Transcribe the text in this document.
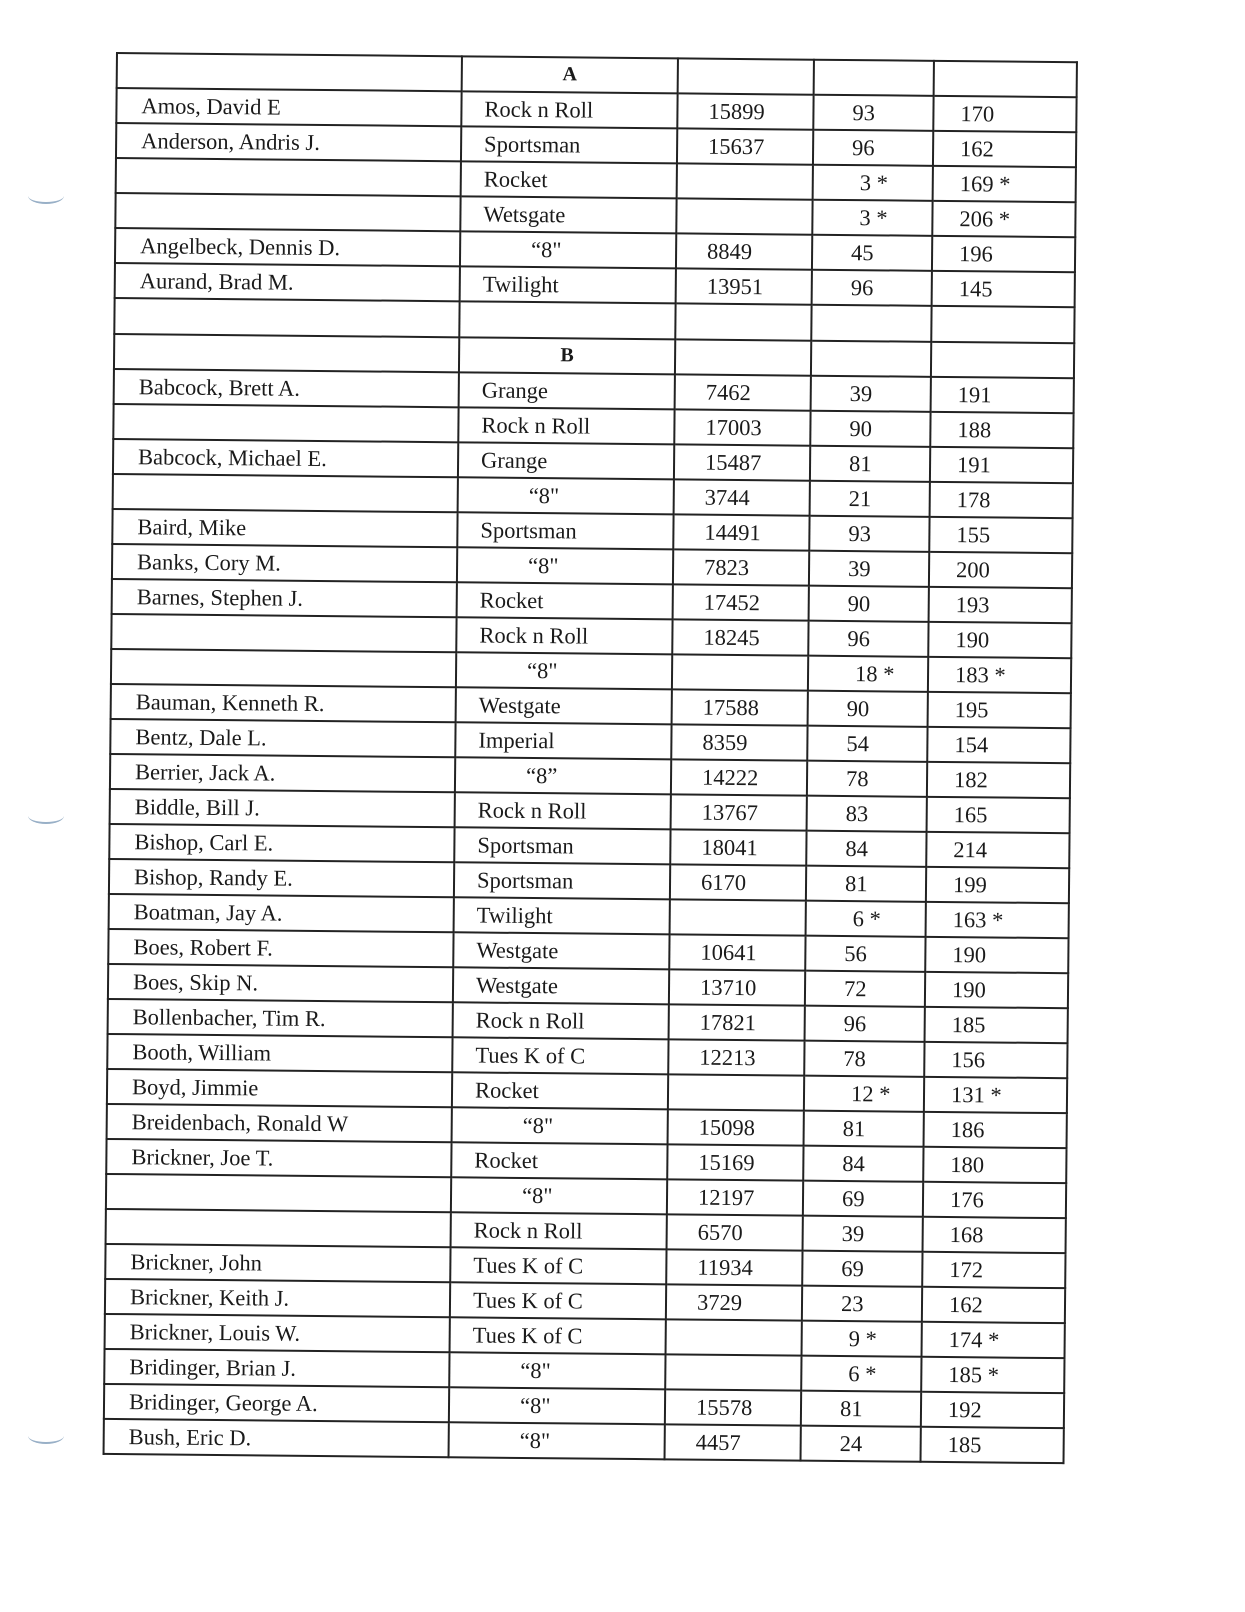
	A			
Amos, David E	Rock n Roll	15899	93	170
Anderson, Andris J.	Sportsman	15637	96	162
	Rocket		3 *	169 *
	Wetsgate		3 *	206 *
Angelbeck, Dennis D.	“8"	8849	45	196
Aurand, Brad M.	Twilight	13951	96	145

	B			
Babcock, Brett A.	Grange	7462	39	191
	Rock n Roll	17003	90	188
Babcock, Michael E.	Grange	15487	81	191
	“8"	3744	21	178
Baird, Mike	Sportsman	14491	93	155
Banks, Cory M.	“8"	7823	39	200
Barnes, Stephen J.	Rocket	17452	90	193
	Rock n Roll	18245	96	190
	“8"		18 *	183 *
Bauman, Kenneth R.	Westgate	17588	90	195
Bentz, Dale L.	Imperial	8359	54	154
Berrier, Jack A.	“8”	14222	78	182
Biddle, Bill J.	Rock n Roll	13767	83	165
Bishop, Carl E.	Sportsman	18041	84	214
Bishop, Randy E.	Sportsman	6170	81	199
Boatman, Jay A.	Twilight		6 *	163 *
Boes, Robert F.	Westgate	10641	56	190
Boes, Skip N.	Westgate	13710	72	190
Bollenbacher, Tim R.	Rock n Roll	17821	96	185
Booth, William	Tues K of C	12213	78	156
Boyd, Jimmie	Rocket		12 *	131 *
Breidenbach, Ronald W	“8"	15098	81	186
Brickner, Joe T.	Rocket	15169	84	180
	“8"	12197	69	176
	Rock n Roll	6570	39	168
Brickner, John	Tues K of C	11934	69	172
Brickner, Keith J.	Tues K of C	3729	23	162
Brickner, Louis W.	Tues K of C		9 *	174 *
Bridinger, Brian J.	“8"		6 *	185 *
Bridinger, George A.	“8"	15578	81	192
Bush, Eric D.	“8"	4457	24	185
